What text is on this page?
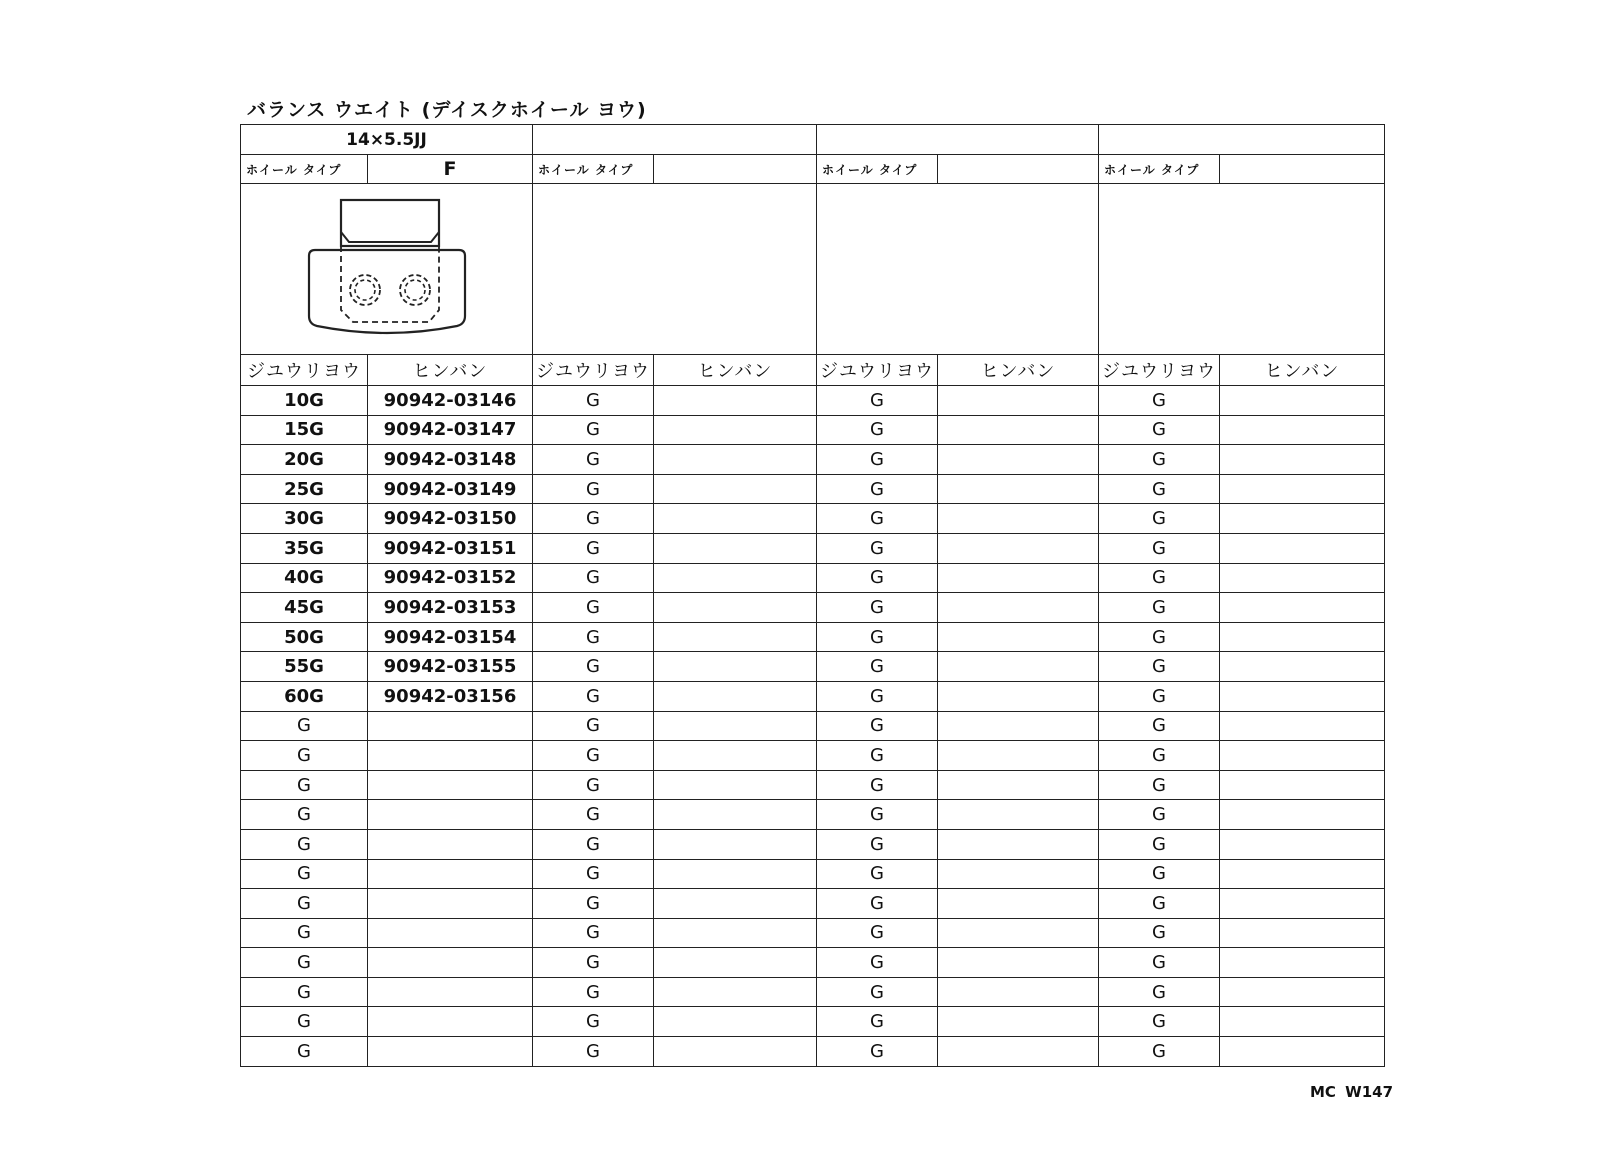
バランス ウエイト (デイスクホイール ヨウ)
14×5.5JJ							
ホイール タイプ	F	ホイール タイプ		ホイール タイプ		ホイール タイプ	

ジユウリヨウ	ヒンバン	ジユウリヨウ	ヒンバン	ジユウリヨウ	ヒンバン	ジユウリヨウ	ヒンバン
10G	90942-03146	G		G		G	
15G	90942-03147	G		G		G	
20G	90942-03148	G		G		G	
25G	90942-03149	G		G		G	
30G	90942-03150	G		G		G	
35G	90942-03151	G		G		G	
40G	90942-03152	G		G		G	
45G	90942-03153	G		G		G	
50G	90942-03154	G		G		G	
55G	90942-03155	G		G		G	
60G	90942-03156	G		G		G	
G		G		G		G	
G		G		G		G	
G		G		G		G	
G		G		G		G	
G		G		G		G	
G		G		G		G	
G		G		G		G	
G		G		G		G	
G		G		G		G	
G		G		G		G	
G		G		G		G	
G		G		G		G	
MC W147
